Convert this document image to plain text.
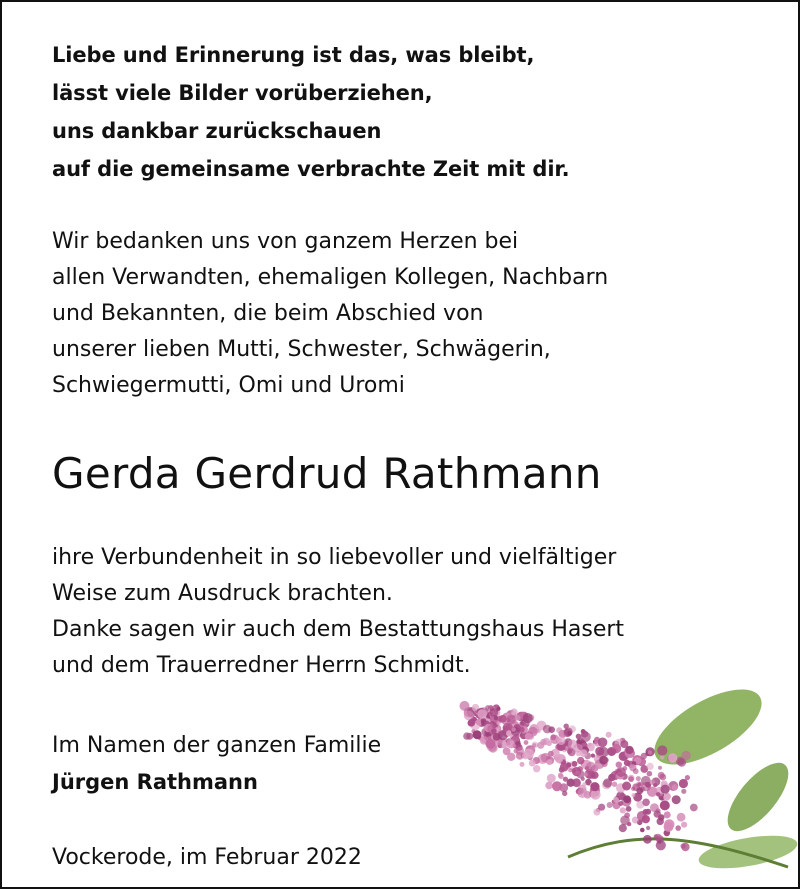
Liebe und Erinnerung ist das, was bleibt,
lässt viele Bilder vorüberziehen,
uns dankbar zurückschauen
auf die gemeinsame verbrachte Zeit mit dir.
Wir bedanken uns von ganzem Herzen bei
allen Verwandten, ehemaligen Kollegen, Nachbarn
und Bekannten, die beim Abschied von
unserer lieben Mutti, Schwester, Schwägerin,
Schwiegermutti, Omi und Uromi
Gerda Gerdrud Rathmann
ihre Verbundenheit in so liebevoller und vielfältiger
Weise zum Ausdruck brachten.
Danke sagen wir auch dem Bestattungshaus Hasert
und dem Trauerredner Herrn Schmidt.
Im Namen der ganzen Familie
Jürgen Rathmann
Vockerode, im Februar 2022
